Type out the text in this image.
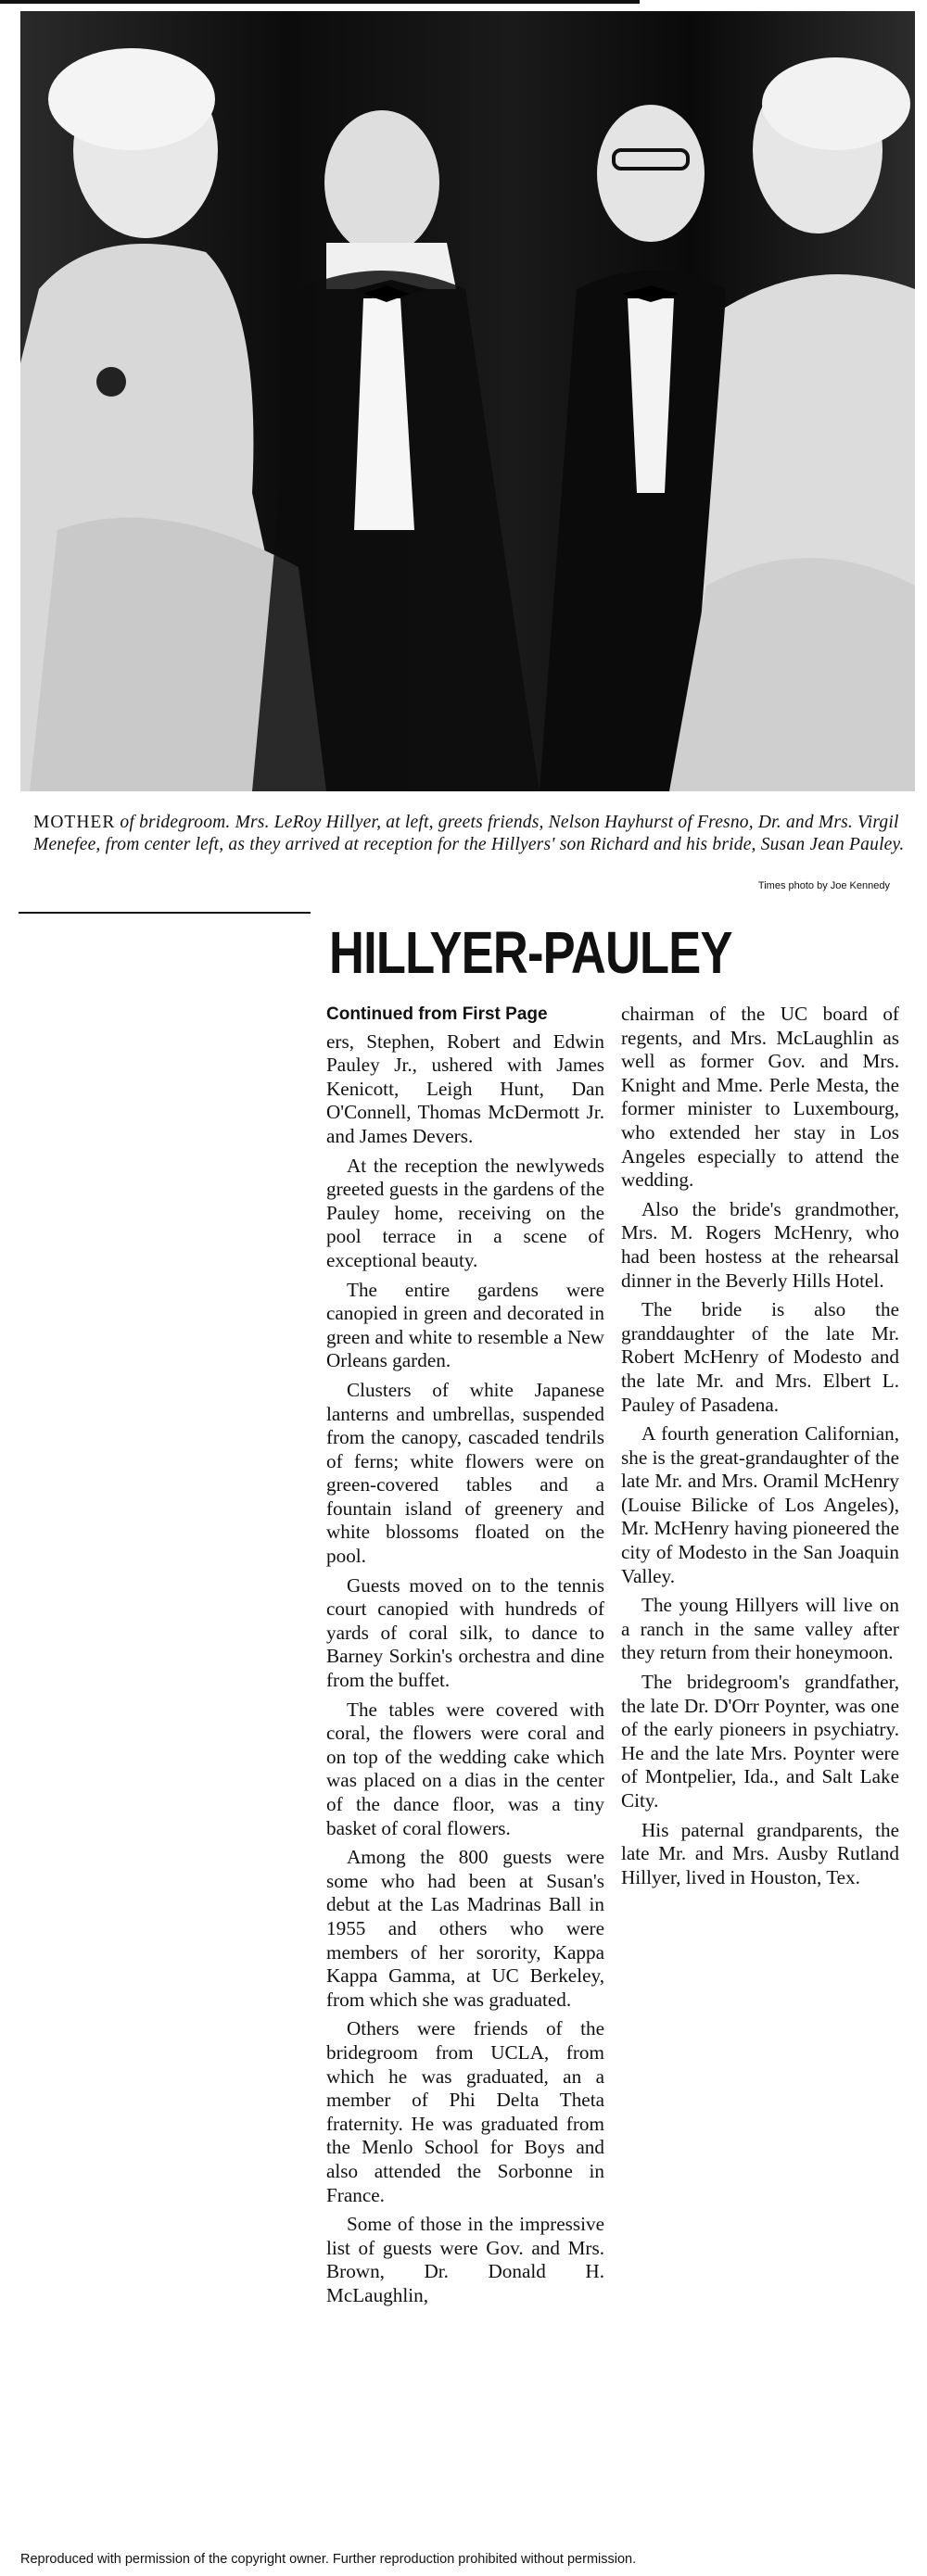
MOTHER of bridegroom. Mrs. LeRoy Hillyer, at left, greets friends, Nelson Hayhurst of Fresno, Dr. and Mrs. Virgil Menefee, from center left, as they arrived at reception for the Hillyers' son Richard and his bride, Susan Jean Pauley.
Times photo by Joe Kennedy
HILLYER-PAULEY
Continued from First Page

ers, Stephen, Robert and Edwin Pauley Jr., ushered with James Kenicott, Leigh Hunt, Dan O'Connell, Thomas McDermott Jr. and James Devers.

At the reception the newlyweds greeted guests in the gardens of the Pauley home, receiving on the pool terrace in a scene of exceptional beauty.

The entire gardens were canopied in green and decorated in green and white to resemble a New Orleans garden.

Clusters of white Japanese lanterns and umbrellas, suspended from the canopy, cascaded tendrils of ferns; white flowers were on green-covered tables and a fountain island of greenery and white blossoms floated on the pool.

Guests moved on to the tennis court canopied with hundreds of yards of coral silk, to dance to Barney Sorkin's orchestra and dine from the buffet.

The tables were covered with coral, the flowers were coral and on top of the wedding cake which was placed on a dias in the center of the dance floor, was a tiny basket of coral flowers.

Among the 800 guests were some who had been at Susan's debut at the Las Madrinas Ball in 1955 and others who were members of her sorority, Kappa Kappa Gamma, at UC Berkeley, from which she was graduated.

Others were friends of the bridegroom from UCLA, from which he was graduated, an a member of Phi Delta Theta fraternity. He was graduated from the Menlo School for Boys and also attended the Sorbonne in France.

Some of those in the impressive list of guests were Gov. and Mrs. Brown, Dr. Donald H. McLaughlin,

chairman of the UC board of regents, and Mrs. McLaughlin as well as former Gov. and Mrs. Knight and Mme. Perle Mesta, the former minister to Luxembourg, who extended her stay in Los Angeles especially to attend the wedding.

Also the bride's grandmother, Mrs. M. Rogers McHenry, who had been hostess at the rehearsal dinner in the Beverly Hills Hotel.

The bride is also the granddaughter of the late Mr. Robert McHenry of Modesto and the late Mr. and Mrs. Elbert L. Pauley of Pasadena.

A fourth generation Californian, she is the great-grandaughter of the late Mr. and Mrs. Oramil McHenry (Louise Bilicke of Los Angeles), Mr. McHenry having pioneered the city of Modesto in the San Joaquin Valley.

The young Hillyers will live on a ranch in the same valley after they return from their honeymoon.

The bridegroom's grandfather, the late Dr. D'Orr Poynter, was one of the early pioneers in psychiatry. He and the late Mrs. Poynter were of Montpelier, Ida., and Salt Lake City.

His paternal grandparents, the late Mr. and Mrs. Ausby Rutland Hillyer, lived in Houston, Tex.

Reproduced with permission of the copyright owner. Further reproduction prohibited without permission.
